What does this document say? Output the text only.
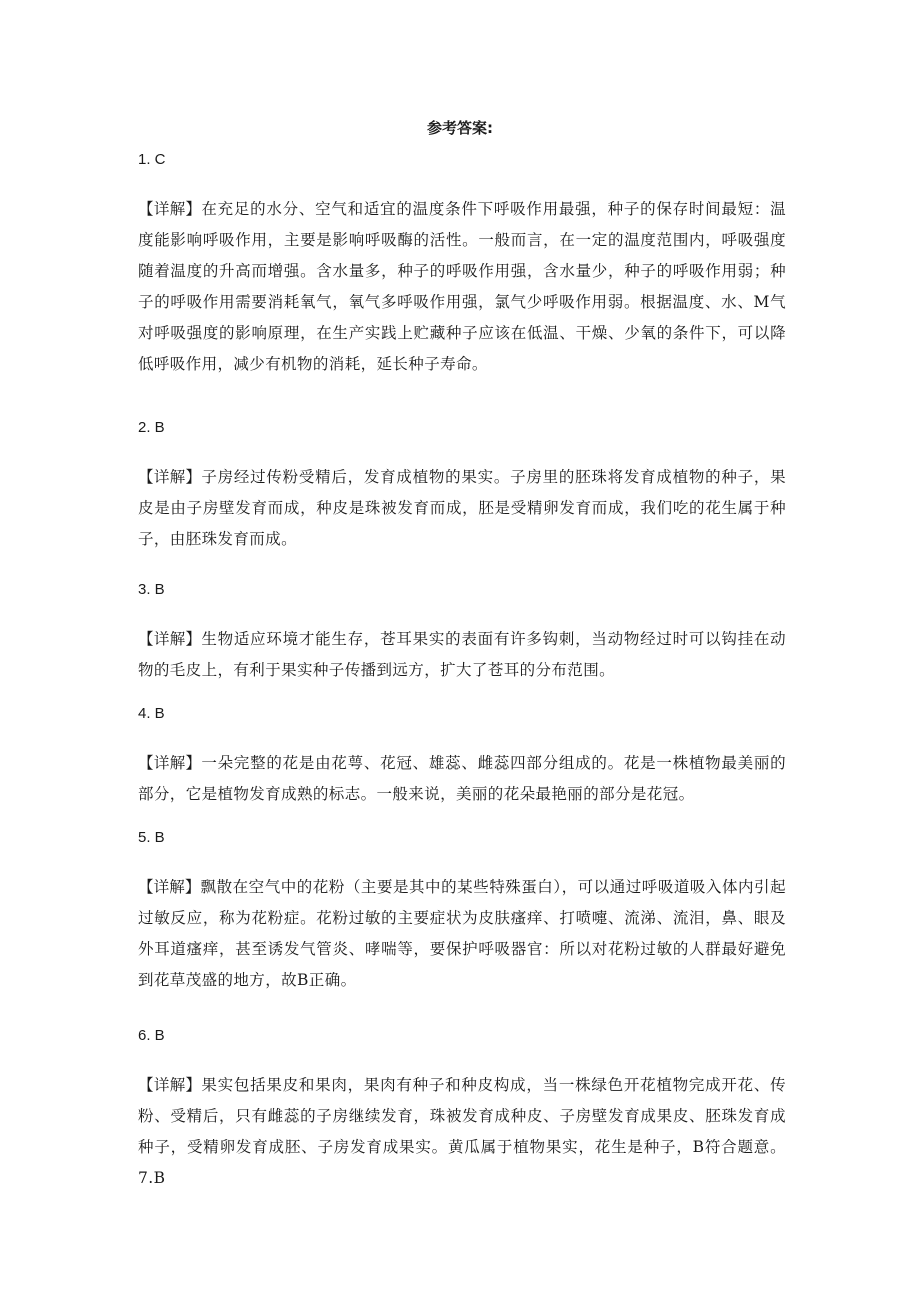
参考答案:
1. C
【详解】在充足的水分、空气和适宜的温度条件下呼吸作用最强，种子的保存时间最短：温度能影响呼吸作用，主要是影响呼吸酶的活性。一般而言，在一定的温度范围内，呼吸强度随着温度的升高而增强。含水量多，种子的呼吸作用强，含水量少，种子的呼吸作用弱；种子的呼吸作用需要消耗氧气，氧气多呼吸作用强，氯气少呼吸作用弱。根据温度、水、M气对呼吸强度的影响原理，在生产实践上贮藏种子应该在低温、干燥、少氧的条件下，可以降低呼吸作用，减少有机物的消耗，延长种子寿命。
2. B
【详解】子房经过传粉受精后，发育成植物的果实。子房里的胚珠将发育成植物的种子，果皮是由子房壁发育而成，种皮是珠被发育而成，胚是受精卵发育而成，我们吃的花生属于种子，由胚珠发育而成。
3. B
【详解】生物适应环境才能生存，苍耳果实的表面有许多钩刺，当动物经过时可以钩挂在动物的毛皮上，有利于果实种子传播到远方，扩大了苍耳的分布范围。
4. B
【详解】一朵完整的花是由花萼、花冠、雄蕊、雌蕊四部分组成的。花是一株植物最美丽的部分，它是植物发育成熟的标志。一般来说，美丽的花朵最艳丽的部分是花冠。
5. B
【详解】飘散在空气中的花粉（主要是其中的某些特殊蛋白），可以通过呼吸道吸入体内引起过敏反应，称为花粉症。花粉过敏的主要症状为皮肤瘙痒、打喷嚏、流涕、流泪，鼻、眼及外耳道瘙痒，甚至诱发气管炎、哮喘等，要保护呼吸器官：所以对花粉过敏的人群最好避免到花草茂盛的地方，故B正确。
6. B
【详解】果实包括果皮和果肉，果肉有种子和种皮构成，当一株绿色开花植物完成开花、传粉、受精后，只有雌蕊的子房继续发育，珠被发育成种皮、子房壁发育成果皮、胚珠发育成种子，受精卵发育成胚、子房发育成果实。黄瓜属于植物果实，花生是种子，B符合题意。7.B
